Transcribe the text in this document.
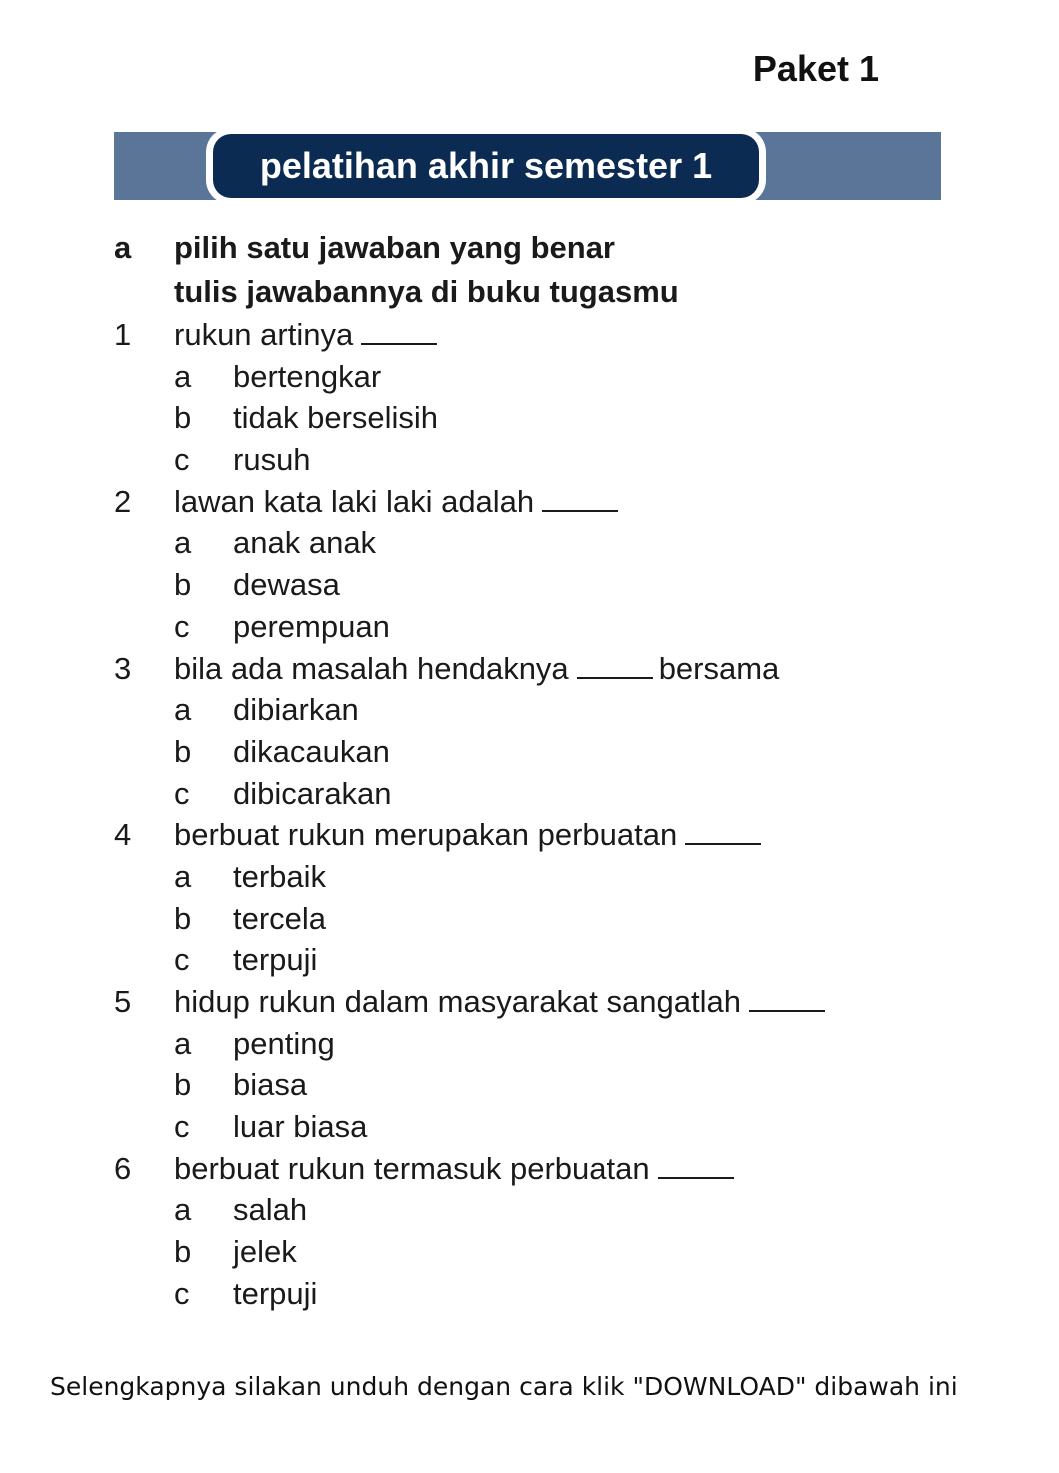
Paket 1
pelatihan akhir semester 1
a	pilih satu jawaban yang benar
tulis jawabannya di buku tugasmu
1	rukun artinya
a	bertengkar
b	tidak berselisih
c	rusuh
2	lawan kata laki laki adalah
a	anak anak
b	dewasa
c	perempuan
3	bila ada masalah hendaknya	bersama
a	dibiarkan
b	dikacaukan
c	dibicarakan
4	berbuat rukun merupakan perbuatan
a	terbaik
b	tercela
c	terpuji
5	hidup rukun dalam masyarakat sangatlah
a	penting
b	biasa
c	luar biasa
6	berbuat rukun termasuk perbuatan
a	salah
b	jelek
c	terpuji
Selengkapnya silakan unduh dengan cara klik "DOWNLOAD" dibawah ini
